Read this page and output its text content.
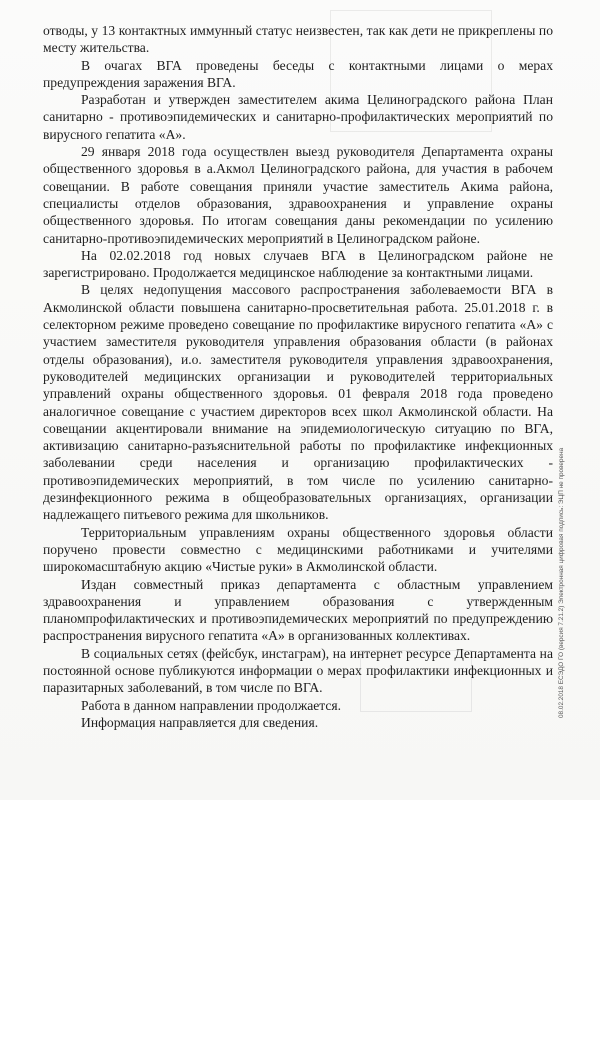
отводы, у 13 контактных иммунный статус неизвестен, так как дети не прикреплены по месту жительства.

В очагах ВГА проведены беседы с контактными лицами о мерах предупреждения заражения ВГА.

Разработан и утвержден заместителем акима Целиноградского района План санитарно - противоэпидемических и санитарно-профилактических мероприятий по вирусного гепатита «А».

29 января 2018 года осуществлен выезд руководителя Департамента охраны общественного здоровья в а.Акмол Целиноградского района, для участия в рабочем совещании. В работе совещания приняли участие заместитель Акима района, специалисты отделов образования, здравоохранения и управление охраны общественного здоровья. По итогам совещания даны рекомендации по усилению санитарно-противоэпидемических мероприятий в Целиноградском районе.

На 02.02.2018 год новых случаев ВГА в Целиноградском районе не зарегистрировано. Продолжается медицинское наблюдение за контактными лицами.

В целях недопущения массового распространения заболеваемости ВГА в Акмолинской области повышена санитарно-просветительная работа. 25.01.2018 г. в селекторном режиме проведено совещание по профилактике вирусного гепатита «А» с участием заместителя руководителя управления образования области (в районах отделы образования), и.о. заместителя руководителя управления здравоохранения, руководителей медицинских организации и руководителей территориальных управлений охраны общественного здоровья. 01 февраля 2018 года проведено аналогичное совещание с участием директоров всех школ Акмолинской области. На совещании акцентировали внимание на эпидемиологическую ситуацию по ВГА, активизацию санитарно-разъяснительной работы по профилактике инфекционных заболевании среди населения и организацию профилактических - противоэпидемических мероприятий, в том числе по усилению санитарно-дезинфекционного режима в общеобразовательных организациях, организации надлежащего питьевого режима для школьников.

Территориальным управлениям охраны общественного здоровья области поручено провести совместно с медицинскими работниками и учителями широкомасштабную акцию «Чистые руки» в Акмолинской области.

Издан совместный приказ департамента с областным управлением здравоохранения и управлением образования с утвержденным планомпрофилактических и противоэпидемических мероприятий по предупреждению распространения вирусного гепатита «А» в организованных коллективах.

В социальных сетях (фейсбук, инстаграм), на интернет ресурсе Департамента на постоянной основе публикуются информации о мерах профилактики инфекционных и паразитарных заболеваний, в том числе по ВГА.

Работа в данном направлении продолжается.

Информация направляется для сведения.

08.02.2018 ЕСЭДО ГО (версия 7.21.2) Электронная цифровая подпись: ЭЦП не проверена
